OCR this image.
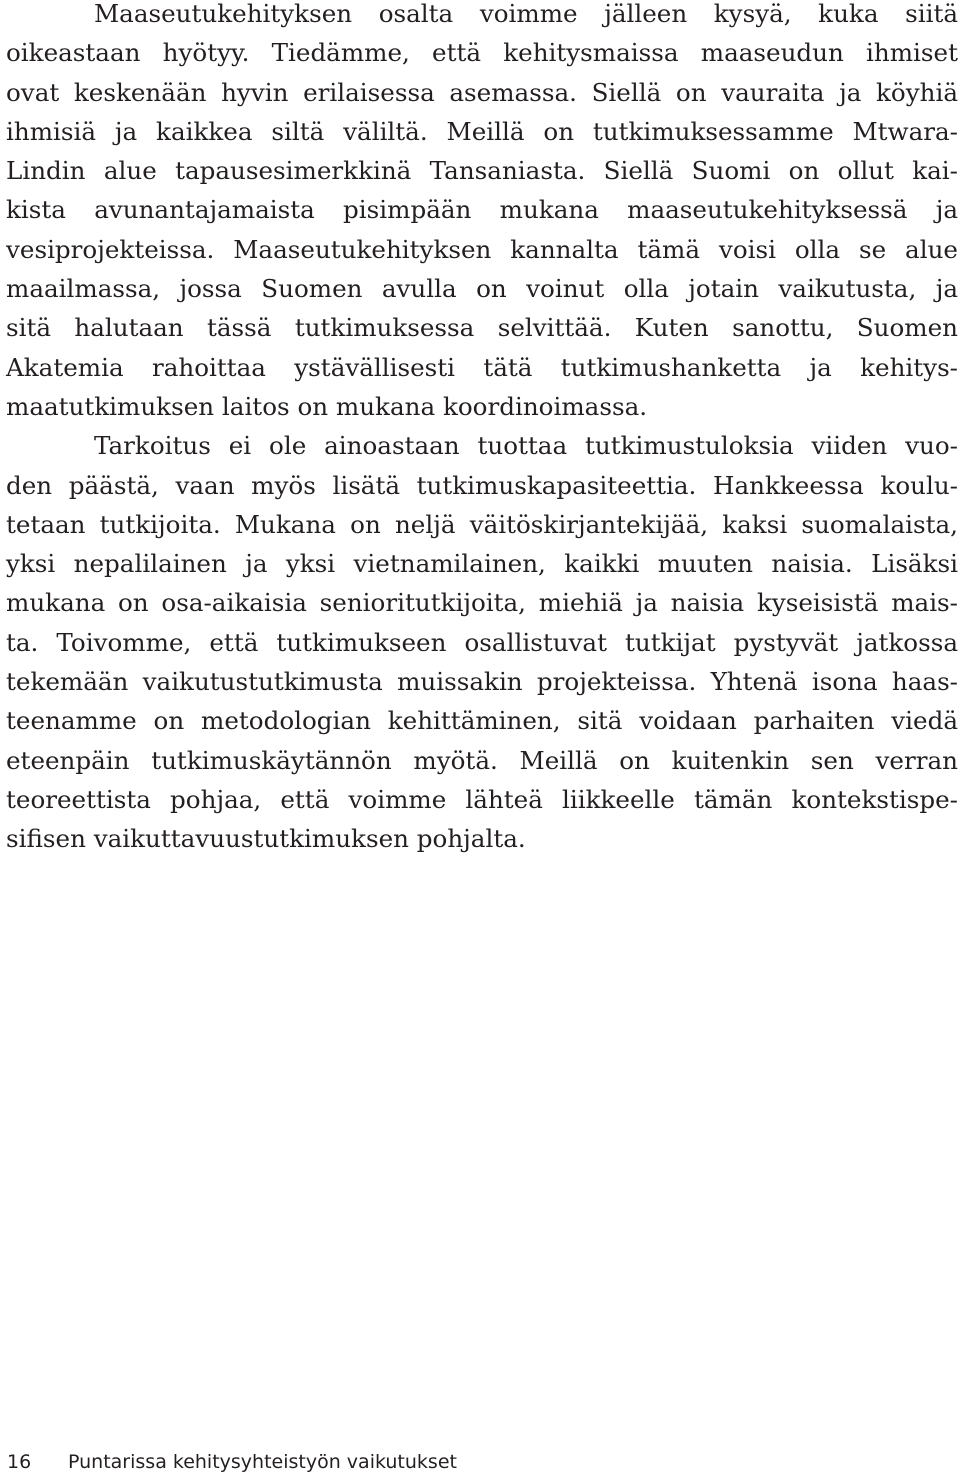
Maaseutukehityksen osalta voimme jälleen kysyä, kuka siitä
oikeastaan hyötyy. Tiedämme, että kehitysmaissa maaseudun ihmiset
ovat keskenään hyvin erilaisessa asemassa. Siellä on vauraita ja köyhiä
ihmisiä ja kaikkea siltä väliltä. Meillä on tutkimuksessamme Mtwara-
Lindin alue tapausesimerkkinä Tansaniasta. Siellä Suomi on ollut kai-
kista avunantajamaista pisimpään mukana maaseutukehityksessä ja
vesiprojekteissa. Maaseutukehityksen kannalta tämä voisi olla se alue
maailmassa, jossa Suomen avulla on voinut olla jotain vaikutusta, ja
sitä halutaan tässä tutkimuksessa selvittää. Kuten sanottu, Suomen
Akatemia rahoittaa ystävällisesti tätä tutkimushanketta ja kehitys-
maatutkimuksen laitos on mukana koordinoimassa.
Tarkoitus ei ole ainoastaan tuottaa tutkimustuloksia viiden vuo-
den päästä, vaan myös lisätä tutkimuskapasiteettia. Hankkeessa koulu-
tetaan tutkijoita. Mukana on neljä väitöskirjantekijää, kaksi suomalaista,
yksi nepalilainen ja yksi vietnamilainen, kaikki muuten naisia. Lisäksi
mukana on osa-aikaisia senioritutkijoita, miehiä ja naisia kyseisistä mais-
ta. Toivomme, että tutkimukseen osallistuvat tutkijat pystyvät jatkossa
tekemään vaikutustutkimusta muissakin projekteissa. Yhtenä isona haas-
teenamme on metodologian kehittäminen, sitä voidaan parhaiten viedä
eteenpäin tutkimuskäytännön myötä. Meillä on kuitenkin sen verran
teoreettista pohjaa, että voimme lähteä liikkeelle tämän kontekstispe-
sifisen vaikuttavuustutkimuksen pohjalta.
16 Puntarissa kehitysyhteistyön vaikutukset
